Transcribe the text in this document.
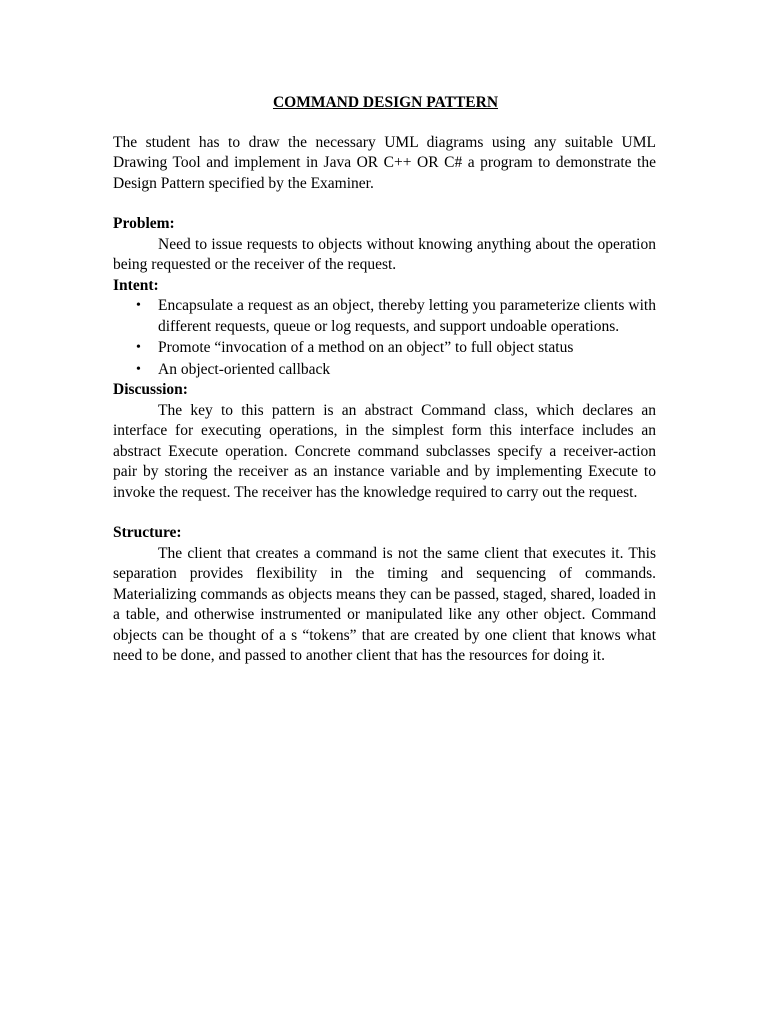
COMMAND DESIGN PATTERN

The student has to draw the necessary UML diagrams using any suitable UML Drawing Tool and implement in Java OR C++ OR C# a program to demonstrate the Design Pattern specified by the Examiner.

Problem:

Need to issue requests to objects without knowing anything about the operation being requested or the receiver of the request.

Intent:
• Encapsulate a request as an object, thereby letting you parameterize clients with different requests, queue or log requests, and support undoable operations.
• Promote “invocation of a method on an object” to full object status
• An object-oriented callback
Discussion:

The key to this pattern is an abstract Command class, which declares an interface for executing operations, in the simplest form this interface includes an abstract Execute operation. Concrete command subclasses specify a receiver-action pair by storing the receiver as an instance variable and by implementing Execute to invoke the request. The receiver has the knowledge required to carry out the request.

Structure:

The client that creates a command is not the same client that executes it. This separation provides flexibility in the timing and sequencing of commands. Materializing commands as objects means they can be passed, staged, shared, loaded in a table, and otherwise instrumented or manipulated like any other object. Command objects can be thought of a s “tokens” that are created by one client that knows what need to be done, and passed to another client that has the resources for doing it.
